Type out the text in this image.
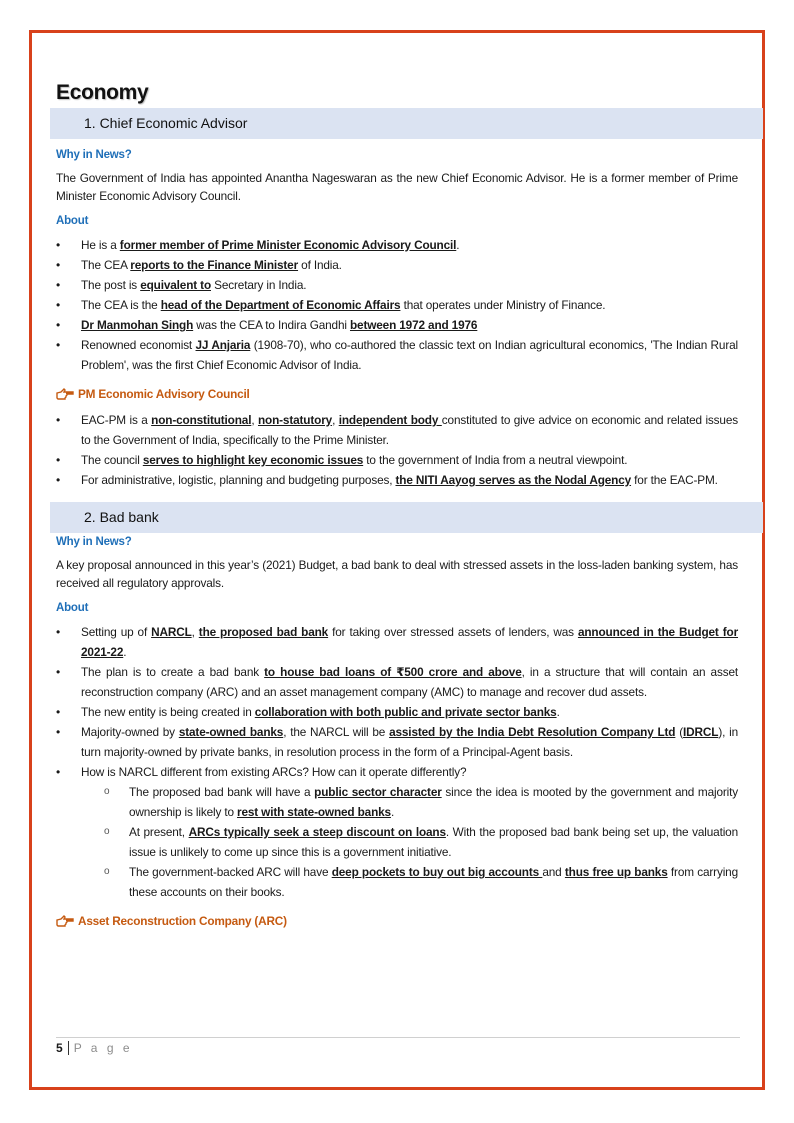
Economy
1. Chief Economic Advisor
Why in News?

The Government of India has appointed Anantha Nageswaran as the new Chief Economic Advisor. He is a former member of Prime Minister Economic Advisory Council.

About
• He is a former member of Prime Minister Economic Advisory Council.
• The CEA reports to the Finance Minister of India.
• The post is equivalent to Secretary in India.
• The CEA is the head of the Department of Economic Affairs that operates under Ministry of Finance.
• Dr Manmohan Singh was the CEA to Indira Gandhi between 1972 and 1976
• Renowned economist JJ Anjaria (1908-70), who co-authored the classic text on Indian agricultural economics, 'The Indian Rural Problem', was the first Chief Economic Advisor of India.
PM Economic Advisory Council
• EAC-PM is a non-constitutional, non-statutory, independent body constituted to give advice on economic and related issues to the Government of India, specifically to the Prime Minister.
• The council serves to highlight key economic issues to the government of India from a neutral viewpoint.
• For administrative, logistic, planning and budgeting purposes, the NITI Aayog serves as the Nodal Agency for the EAC-PM.
2. Bad bank
Why in News?

A key proposal announced in this year’s (2021) Budget, a bad bank to deal with stressed assets in the loss-laden banking system, has received all regulatory approvals.

About
• Setting up of NARCL, the proposed bad bank for taking over stressed assets of lenders, was announced in the Budget for 2021-22.
• The plan is to create a bad bank to house bad loans of ₹500 crore and above, in a structure that will contain an asset reconstruction company (ARC) and an asset management company (AMC) to manage and recover dud assets.
• The new entity is being created in collaboration with both public and private sector banks.
• Majority-owned by state-owned banks, the NARCL will be assisted by the India Debt Resolution Company Ltd (IDRCL), in turn majority-owned by private banks, in resolution process in the form of a Principal-Agent basis.
• How is NARCL different from existing ARCs? How can it operate differently?
o The proposed bad bank will have a public sector character since the idea is mooted by the government and majority ownership is likely to rest with state-owned banks.
o At present, ARCs typically seek a steep discount on loans. With the proposed bad bank being set up, the valuation issue is unlikely to come up since this is a government initiative.
o The government-backed ARC will have deep pockets to buy out big accounts and thus free up banks from carrying these accounts on their books.
Asset Reconstruction Company (ARC)
5 P a g e
